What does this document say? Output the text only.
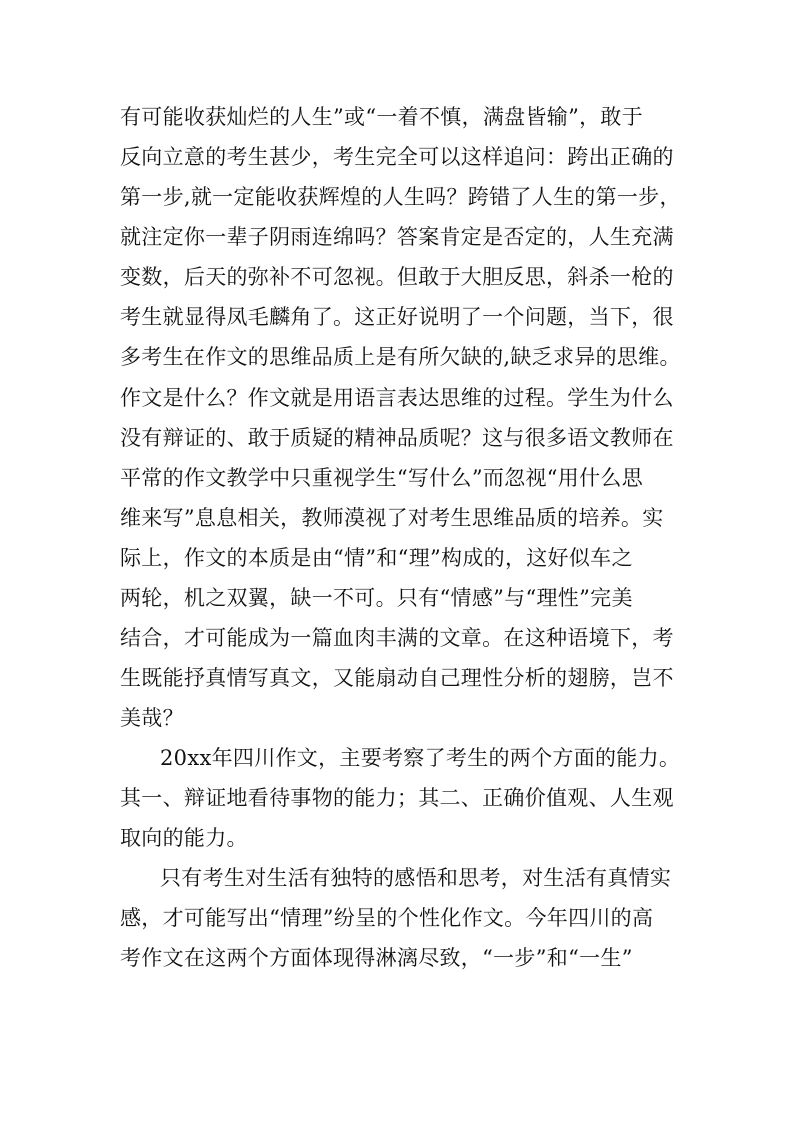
有可能收获灿烂的人生”或“一着不慎，满盘皆输”，敢于
反向立意的考生甚少，考生完全可以这样追问：跨出正确的
第一步,就一定能收获辉煌的人生吗？跨错了人生的第一步，
就注定你一辈子阴雨连绵吗？答案肯定是否定的，人生充满
变数，后天的弥补不可忽视。但敢于大胆反思，斜杀一枪的
考生就显得凤毛麟角了。这正好说明了一个问题，当下，很
多考生在作文的思维品质上是有所欠缺的,缺乏求异的思维。
作文是什么？作文就是用语言表达思维的过程。学生为什么
没有辩证的、敢于质疑的精神品质呢？这与很多语文教师在
平常的作文教学中只重视学生“写什么”而忽视“用什么思
维来写”息息相关，教师漠视了对考生思维品质的培养。实
际上，作文的本质是由“情”和“理”构成的，这好似车之
两轮，机之双翼，缺一不可。只有“情感”与“理性”完美
结合，才可能成为一篇血肉丰满的文章。在这种语境下，考
生既能抒真情写真文，又能扇动自己理性分析的翅膀，岂不
美哉？
20xx年四川作文，主要考察了考生的两个方面的能力。
其一、辩证地看待事物的能力；其二、正确价值观、人生观
取向的能力。
只有考生对生活有独特的感悟和思考，对生活有真情实
感，才可能写出“情理”纷呈的个性化作文。今年四川的高
考作文在这两个方面体现得淋漓尽致，“一步”和“一生”
